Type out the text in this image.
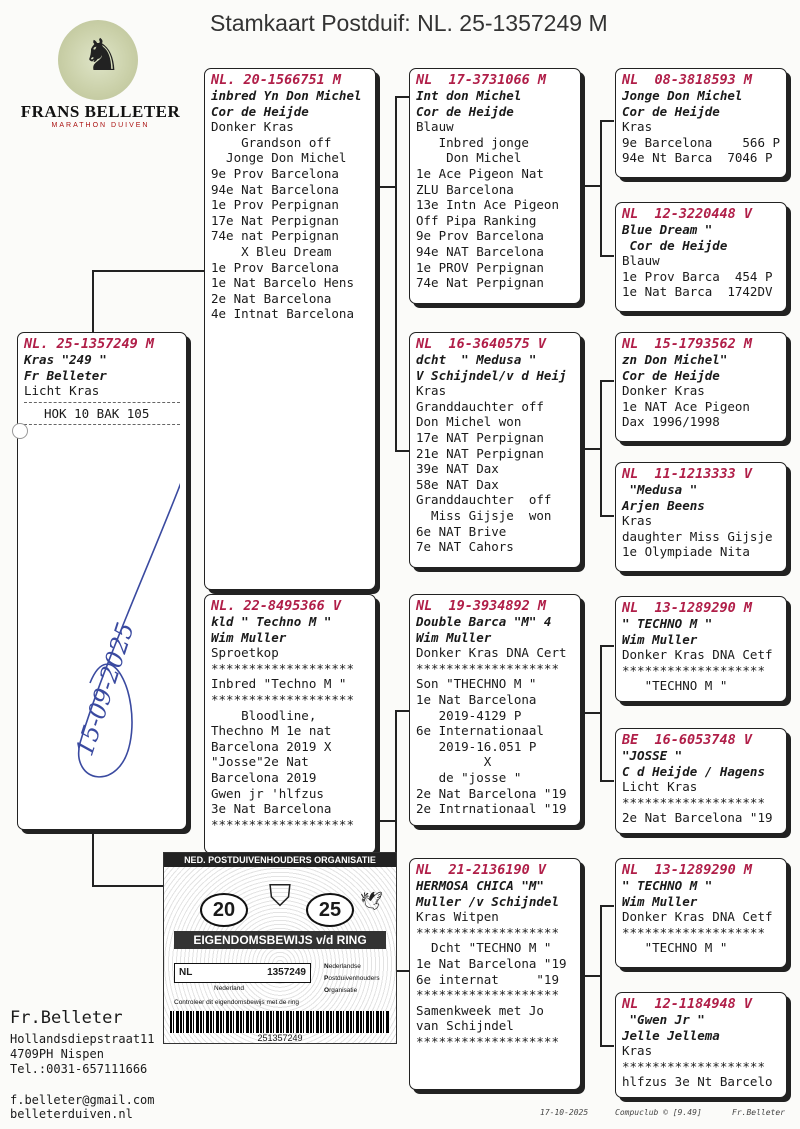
Stamkaart Postduif: NL. 25-1357249 M
♞
FRANS BELLETER
MARATHON DUIVEN
NL. 25-1357249 M
Kras "249 "
Fr Belleter
Licht Kras
HOK 10 BAK 105
15-09-2025
NL. 20-1566751 M
inbred Yn Don Michel
Cor de Heijde
Donker Kras
Grandson off
Jonge Don Michel
9e Prov Barcelona
94e Nat Barcelona
1e Prov Perpignan
17e Nat Perpignan
74e nat Perpignan
X Bleu Dream
1e Prov Barcelona
1e Nat Barcelo Hens
2e Nat Barcelona
4e Intnat Barcelona
NL. 22-8495366 V
kld " Techno M "
Wim Muller
Sproetkop
*******************
Inbred "Techno M "
*******************
Bloodline,
Thechno M 1e nat
Barcelona 2019 X
"Josse"2e Nat
Barcelona 2019
Gwen jr 'hlfzus
3e Nat Barcelona
*******************
NL  17-3731066 M
Int don Michel
Cor de Heijde
Blauw
Inbred jonge
Don Michel
1e Ace Pigeon Nat
ZLU Barcelona
13e Intn Ace Pigeon
Off Pipa Ranking
9e Prov Barcelona
94e NAT Barcelona
1e PROV Perpignan
74e Nat Perpignan
NL  16-3640575 V
dcht  " Medusa "
V Schijndel/v d Heij
Kras
Granddauchter off
Don Michel won
17e NAT Perpignan
21e NAT Perpignan
39e NAT Dax
58e NAT Dax
Granddauchter  off
Miss Gijsje  won
6e NAT Brive
7e NAT Cahors
NL  19-3934892 M
Double Barca "M" 4
Wim Muller
Donker Kras DNA Cert
*******************
Son "THECHNO M "
1e Nat Barcelona
2019-4129 P
6e Internationaal
2019-16.051 P
X
de "josse "
2e Nat Barcelona "19
2e Intrnationaal "19
NL  21-2136190 V
HERMOSA CHICA "M"
Muller /v Schijndel
Kras Witpen
*******************
Dcht "TECHNO M "
1e Nat Barcelona "19
6e internat     "19
*******************
Samenkweek met Jo
van Schijndel
*******************
NL  08-3818593 M
Jonge Don Michel
Cor de Heijde
Kras
9e Barcelona    566 P
94e Nt Barca  7046 P
NL  12-3220448 V
Blue Dream "
Cor de Heijde
Blauw
1e Prov Barca  454 P
1e Nat Barca  1742DV
NL  15-1793562 M
zn Don Michel"
Cor de Heijde
Donker Kras
1e NAT Ace Pigeon
Dax 1996/1998
NL  11-1213333 V
"Medusa "
Arjen Beens
Kras
daughter Miss Gijsje
1e Olympiade Nita
NL  13-1289290 M
" TECHNO M "
Wim Muller
Donker Kras DNA Cetf
*******************
"TECHNO M "
BE  16-6053748 V
"JOSSE "
C d Heijde / Hagens
Licht Kras
*******************
2e Nat Barcelona "19
NL  13-1289290 M
" TECHNO M "
Wim Muller
Donker Kras DNA Cetf
*******************
"TECHNO M "
NL  12-1184948 V
"Gwen Jr "
Jelle Jellema
Kras
*******************
hlfzus 3e Nt Barcelo
NED. POSTDUIVENHOUDERS ORGANISATIE
20	25
⛉	🕊
EIGENDOMSBEWIJS v/d RING
NL	1357249
Nederland
Nederlandse
Postduivenhouders
Organisatie
Controleer dit eigendomsbewijs met de ring
251357249
Fr.Belleter
Hollandsdiepstraat11
4709PH Nispen
Tel.:0031-657111666
f.belleter@gmail.com
belleterduiven.nl	17-10-2025	Compuclub © [9.49]	Fr.Belleter
